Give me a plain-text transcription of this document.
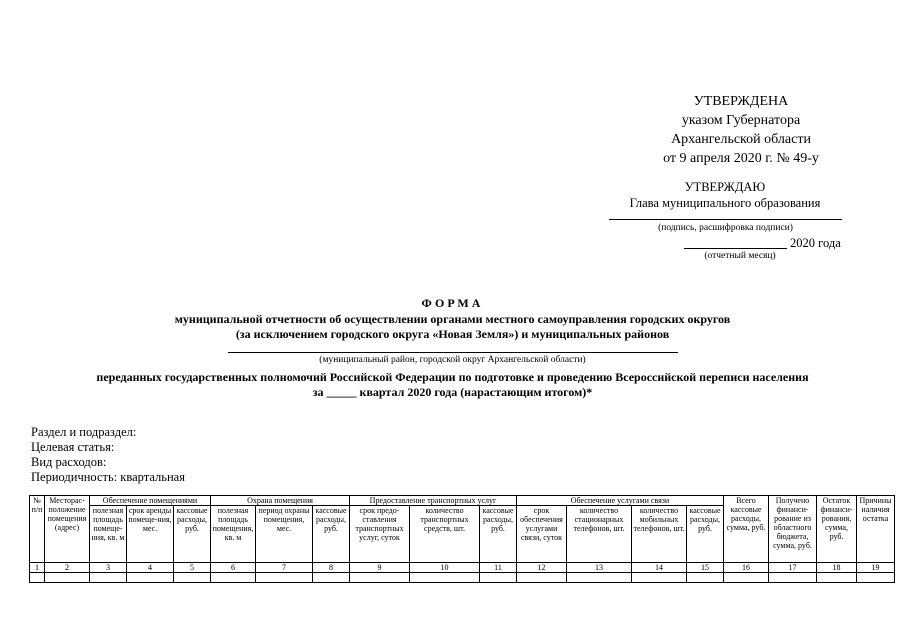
УТВЕРЖДЕНА
указом Губернатора
Архангельской области
от 9 апреля 2020 г. № 49-у
УТВЕРЖДАЮ
Глава муниципального образования
(подпись, расшифровка подписи)
2020 года
(отчетный месяц)
ФОРМА
муниципальной отчетности об осуществлении органами местного самоуправления городских округов
(за исключением городского округа «Новая Земля») и муниципальных районов
(муниципальный район, городской округ Архангельской области)
переданных государственных полномочий Российской Федерации по подготовке и проведению Всероссийской переписи населения
за _____ квартал 2020 года (нарастающим итогом)*
Раздел и подраздел:
Целевая статья:
Вид расходов:
Периодичность: квартальная
№ п/п	Месторас-положение помещения (адрес)	Обеспечение помещениями			Охрана помещения			Предоставление транспортных услуг			Обеспечение услугами связи				Всего кассовые расходы, сумма, руб.	Получено финанси-рование из областного бюджета, сумма, руб.	Остаток финанси-рования, сумма, руб.	Причины наличия остатка
		полезная площадь помеще-ния, кв. м	срок аренды помеще-ния, мес.	кассовые расходы, руб.	полезная площадь помещения, кв. м	период охраны помещения, мес.	кассовые расходы, руб.	срок предо-ставления транспортных услуг, суток	количество транспортных средств, шт.	кассовые расходы, руб.	срок обеспечения услугами связи, суток	количество стационарных телефонов, шт.	количество мобильных телефонов, шт.	кассовые расходы, руб.				
1	2	3	4	5	6	7	8	9	10	11	12	13	14	15	16	17	18	19
